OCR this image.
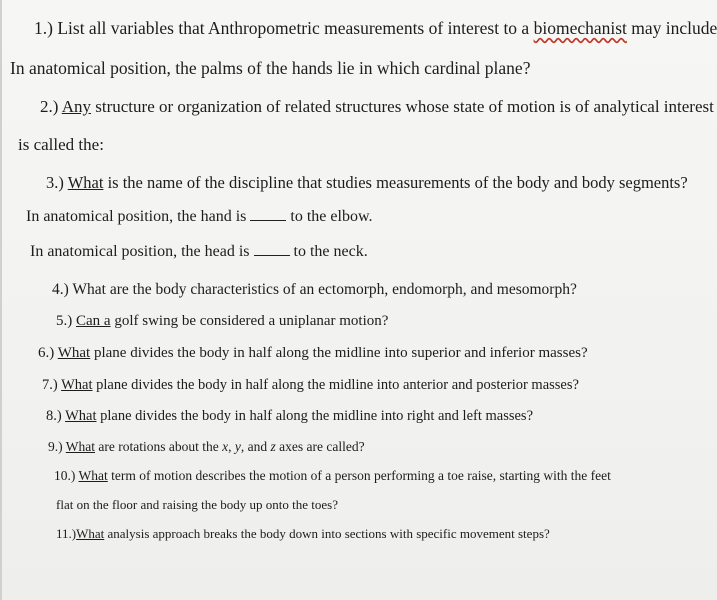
1.) List all variables that Anthropometric measurements of interest to a biomechanist may include
In anatomical position, the palms of the hands lie in which cardinal plane?
2.) Any structure or organization of related structures whose state of motion is of analytical interest
is called the:
3.) What is the name of the discipline that studies measurements of the body and body segments?
In anatomical position, the hand is	to the elbow.
In anatomical position, the head is	to the neck.
4.) What are the body characteristics of an ectomorph, endomorph, and mesomorph?
5.) Can a golf swing be considered a uniplanar motion?
6.) What plane divides the body in half along the midline into superior and inferior masses?
7.) What plane divides the body in half along the midline into anterior and posterior masses?
8.) What plane divides the body in half along the midline into right and left masses?
9.) What are rotations about the x, y, and z axes are called?
10.) What term of motion describes the motion of a person performing a toe raise, starting with the feet
flat on the floor and raising the body up onto the toes?
11.)What analysis approach breaks the body down into sections with specific movement steps?
